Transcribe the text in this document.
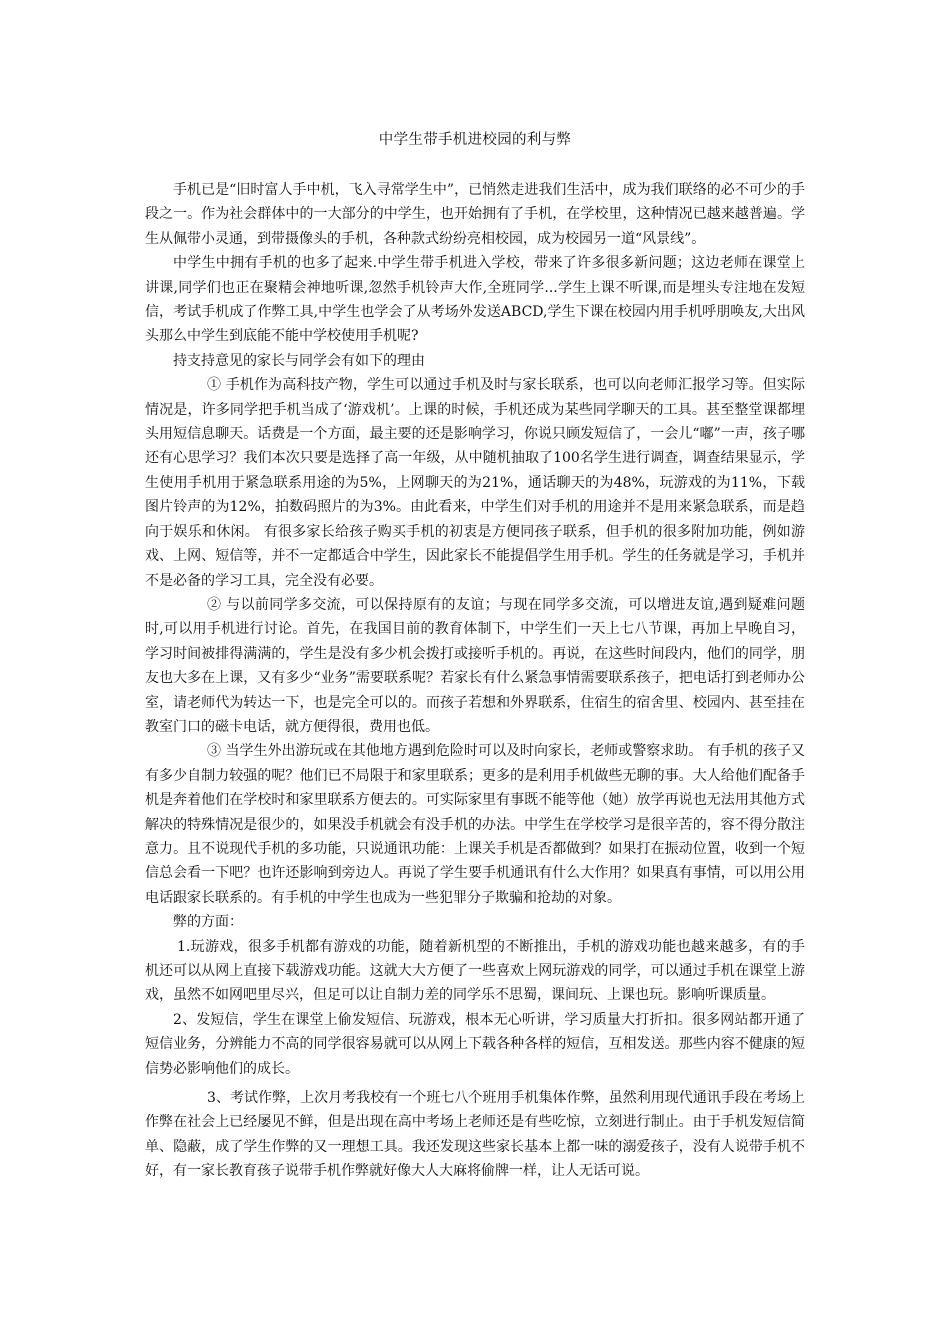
中学生带手机进校园的利与弊

手机已是“旧时富人手中机，飞入寻常学生中”，已悄然走进我们生活中，成为我们联络的必不可少的手段之一。作为社会群体中的一大部分的中学生，也开始拥有了手机，在学校里，这种情况已越来越普遍。学生从佩带小灵通，到带摄像头的手机，各种款式纷纷亮相校园，成为校园另一道“风景线”。

中学生中拥有手机的也多了起来.中学生带手机进入学校，带来了许多很多新问题；这边老师在课堂上讲课,同学们也正在聚精会神地听课,忽然手机铃声大作,全班同学...学生上课不听课,而是埋头专注地在发短信，考试手机成了作弊工具,中学生也学会了从考场外发送ABCD,学生下课在校园内用手机呼朋唤友,大出风头那么中学生到底能不能中学校使用手机呢?

持支持意见的家长与同学会有如下的理由

① 手机作为高科技产物，学生可以通过手机及时与家长联系，也可以向老师汇报学习等。但实际情况是，许多同学把手机当成了‘游戏机’。上课的时候，手机还成为某些同学聊天的工具。甚至整堂课都埋头用短信息聊天。话费是一个方面，最主要的还是影响学习，你说只顾发短信了，一会儿“嘟”一声，孩子哪还有心思学习？我们本次只要是选择了高一年级，从中随机抽取了100名学生进行调查，调查结果显示，学生使用手机用于紧急联系用途的为5%，上网聊天的为21%，通话聊天的为48%，玩游戏的为11%，下载图片铃声的为12%，拍数码照片的为3%。由此看来，中学生们对手机的用途并不是用来紧急联系，而是趋向于娱乐和休闲。 有很多家长给孩子购买手机的初衷是方便同孩子联系，但手机的很多附加功能，例如游戏、上网、短信等，并不一定都适合中学生，因此家长不能提倡学生用手机。学生的任务就是学习，手机并不是必备的学习工具，完全没有必要。

② 与以前同学多交流，可以保持原有的友谊；与现在同学多交流，可以增进友谊,遇到疑难问题时,可以用手机进行讨论。首先，在我国目前的教育体制下，中学生们一天上七八节课，再加上早晚自习，学习时间被排得满满的，学生是没有多少机会拨打或接听手机的。再说，在这些时间段内，他们的同学，朋友也大多在上课，又有多少“业务”需要联系呢？若家长有什么紧急事情需要联系孩子，把电话打到老师办公室，请老师代为转达一下，也是完全可以的。而孩子若想和外界联系，住宿生的宿舍里、校园内、甚至挂在教室门口的磁卡电话，就方便得很，费用也低。

③ 当学生外出游玩或在其他地方遇到危险时可以及时向家长，老师或警察求助。 有手机的孩子又有多少自制力较强的呢？他们已不局限于和家里联系；更多的是利用手机做些无聊的事。大人给他们配备手机是奔着他们在学校时和家里联系方便去的。可实际家里有事既不能等他（她）放学再说也无法用其他方式解决的特殊情况是很少的，如果没手机就会有没手机的办法。中学生在学校学习是很辛苦的，容不得分散注意力。且不说现代手机的多功能，只说通讯功能：上课关手机是否都做到？如果打在振动位置，收到一个短信总会看一下吧？也许还影响到旁边人。再说了学生要手机通讯有什么大作用？如果真有事情，可以用公用电话跟家长联系的。有手机的中学生也成为一些犯罪分子欺骗和抢劫的对象。

弊的方面：

1.玩游戏，很多手机都有游戏的功能，随着新机型的不断推出，手机的游戏功能也越来越多，有的手机还可以从网上直接下载游戏功能。这就大大方便了一些喜欢上网玩游戏的同学，可以通过手机在课堂上游戏，虽然不如网吧里尽兴，但足可以让自制力差的同学乐不思蜀，课间玩、上课也玩。影响听课质量。

2、发短信，学生在课堂上偷发短信、玩游戏，根本无心听讲，学习质量大打折扣。很多网站都开通了短信业务，分辨能力不高的同学很容易就可以从网上下载各种各样的短信，互相发送。那些内容不健康的短信势必影响他们的成长。

3、考试作弊，上次月考我校有一个班七八个班用手机集体作弊，虽然利用现代通讯手段在考场上作弊在社会上已经屡见不鲜，但是出现在高中考场上老师还是有些吃惊，立刻进行制止。由于手机发短信简单、隐蔽，成了学生作弊的又一理想工具。我还发现这些家长基本上都一味的溺爱孩子，没有人说带手机不好，有一家长教育孩子说带手机作弊就好像大人大麻将偷牌一样，让人无话可说。
